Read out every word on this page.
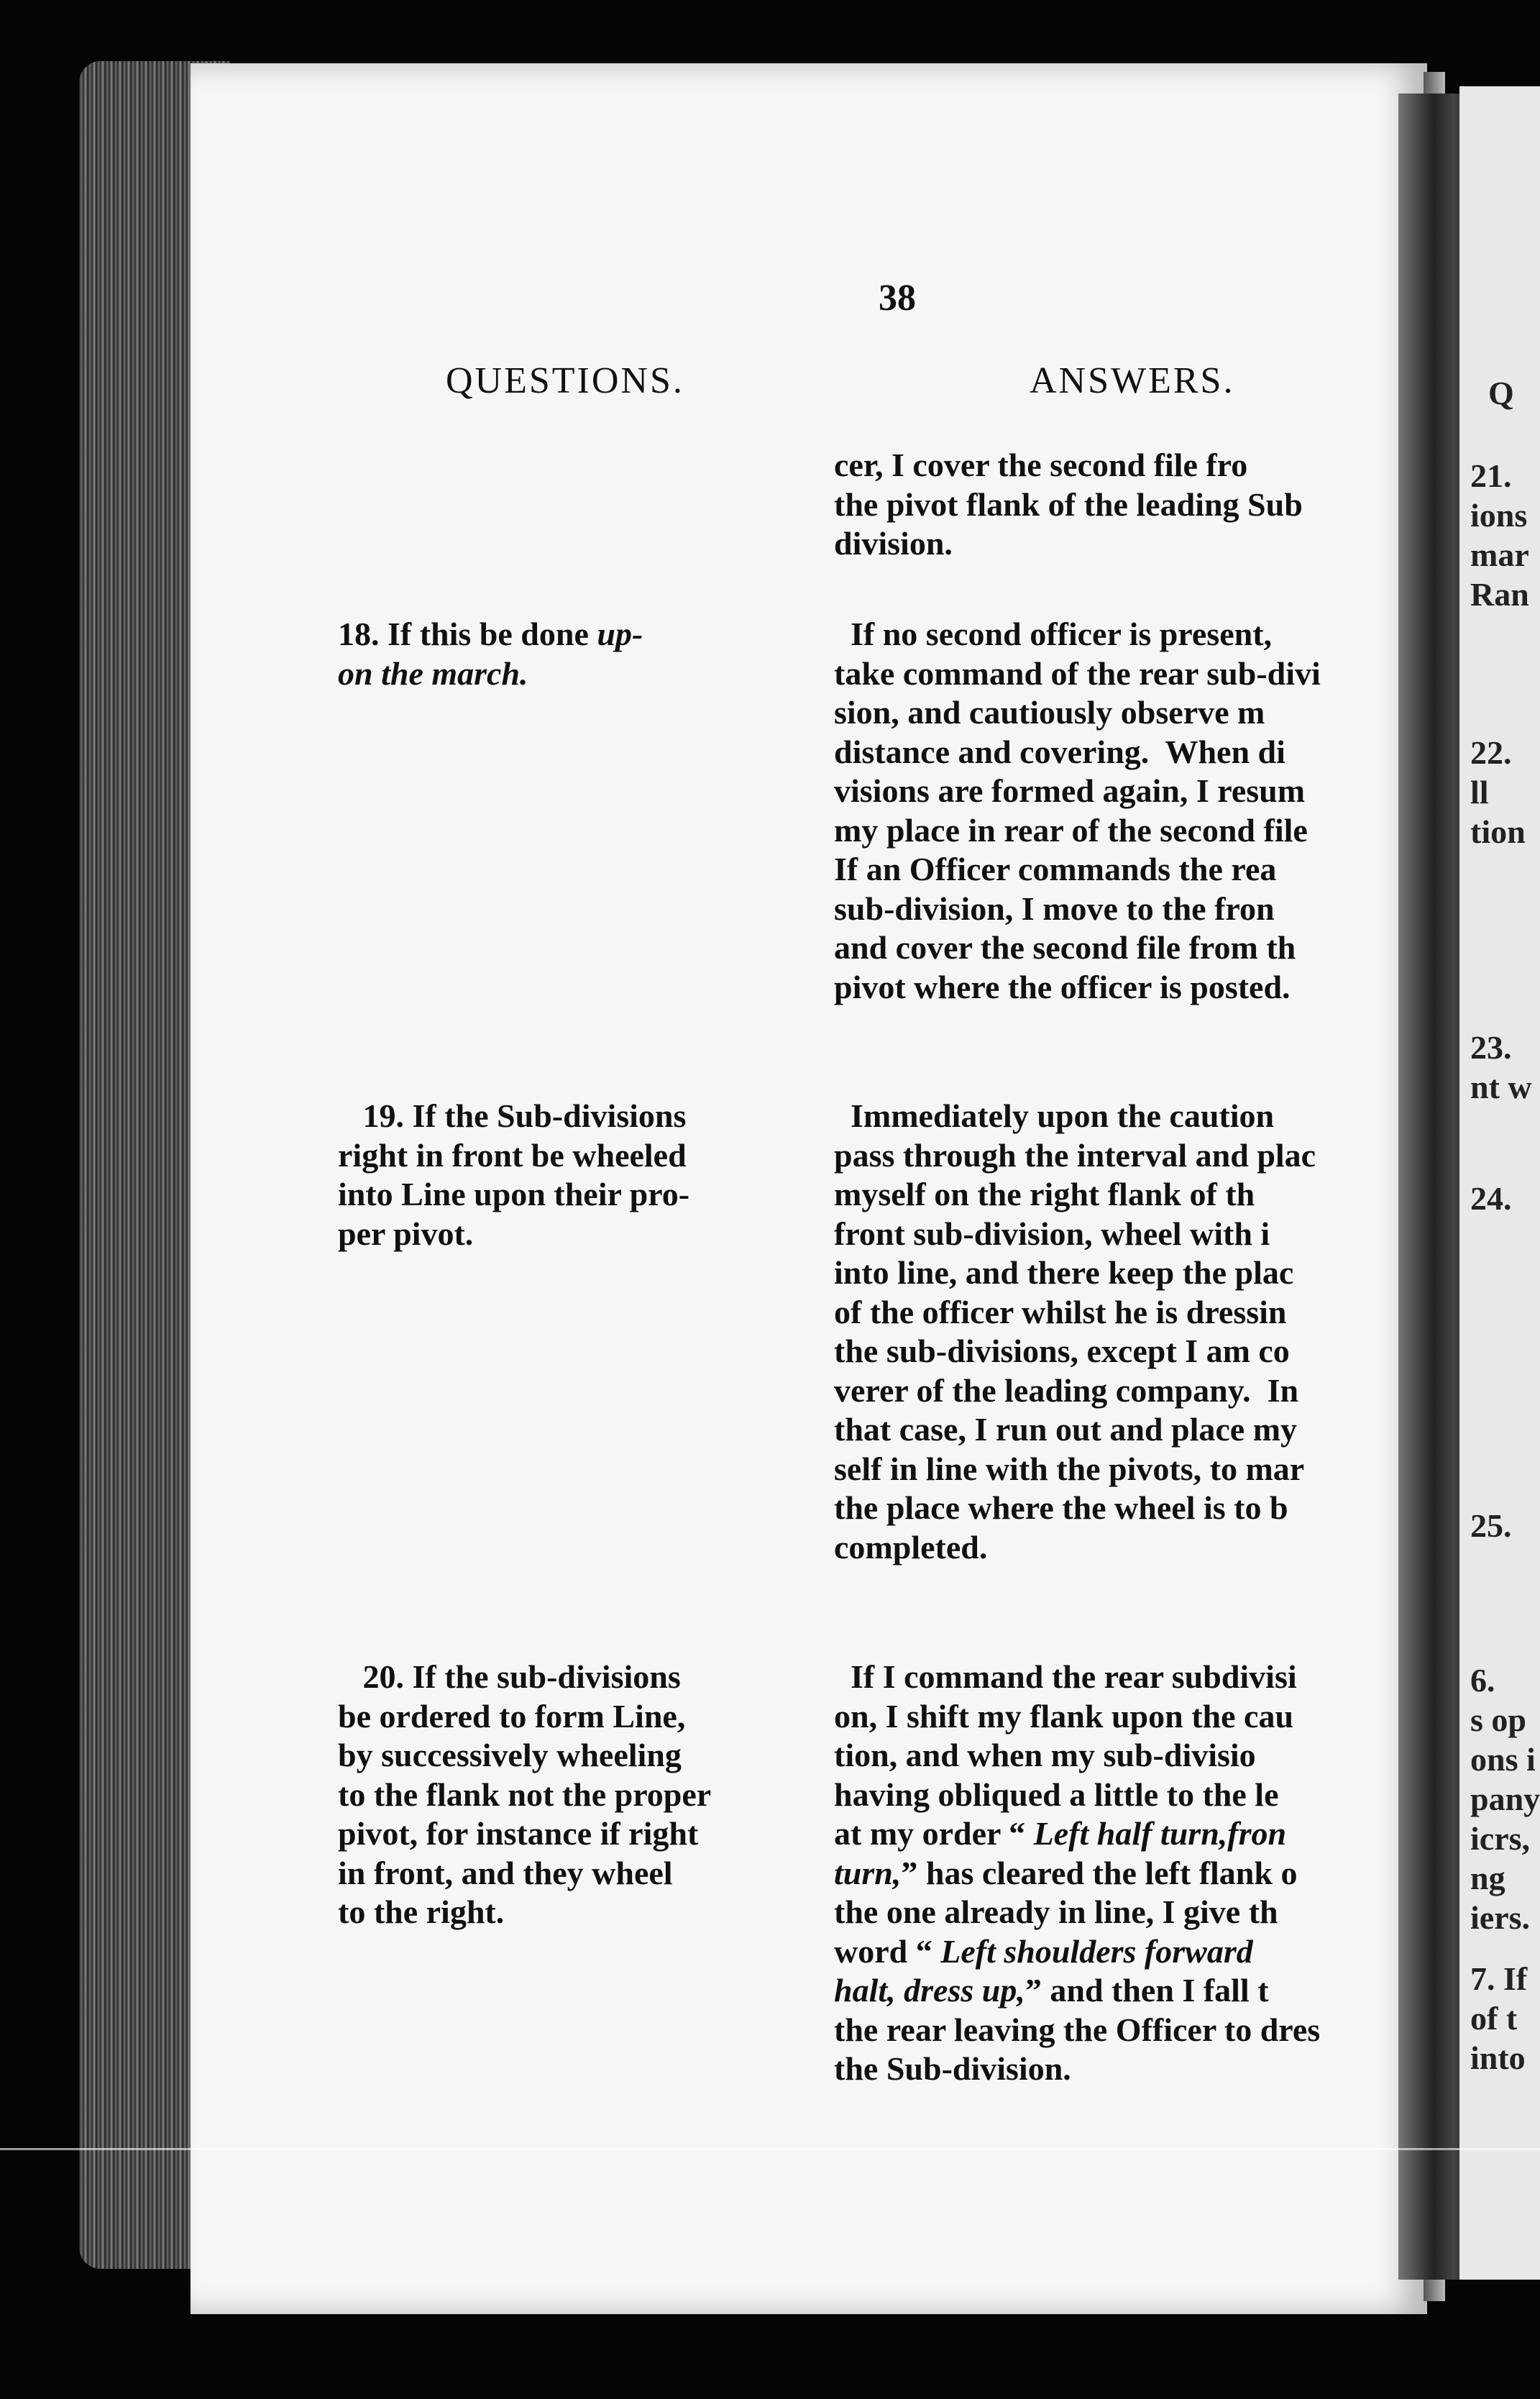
Q
21.
ions
mar
Ran
22.
ll
tion
23.
nt w
24.
25.
6.
s op
ons i
pany
icrs,
ng
iers.
7. If
of t
into
38
QUESTIONS.	ANSWERS.
cer, I cover the second file fro
the pivot flank of the leading Sub
division.
18. If this be done up-
on the march.
If no second officer is present,
take command of the rear sub-divi
sion, and cautiously observe m
distance and covering.  When di
visions are formed again, I resum
my place in rear of the second file
If an Officer commands the rea
sub-division, I move to the fron
and cover the second file from th
pivot where the officer is posted.
19. If the Sub-divisions
right in front be wheeled
into Line upon their pro-
per pivot.
Immediately upon the caution
pass through the interval and plac
myself on the right flank of th
front sub-division, wheel with i
into line, and there keep the plac
of the officer whilst he is dressin
the sub-divisions, except I am co
verer of the leading company.  In
that case, I run out and place my
self in line with the pivots, to mar
the place where the wheel is to b
completed.
20. If the sub-divisions
be ordered to form Line,
by successively wheeling
to the flank not the proper
pivot, for instance if right
in front, and they wheel
to the right.
If I command the rear subdivisi
on, I shift my flank upon the cau
tion, and when my sub-divisio
having obliqued a little to the le
at my order “ Left half turn,fron
turn,” has cleared the left flank o
the one already in line, I give th
word “ Left shoulders forward
halt, dress up,” and then I fall t
the rear leaving the Officer to dres
the Sub-division.
